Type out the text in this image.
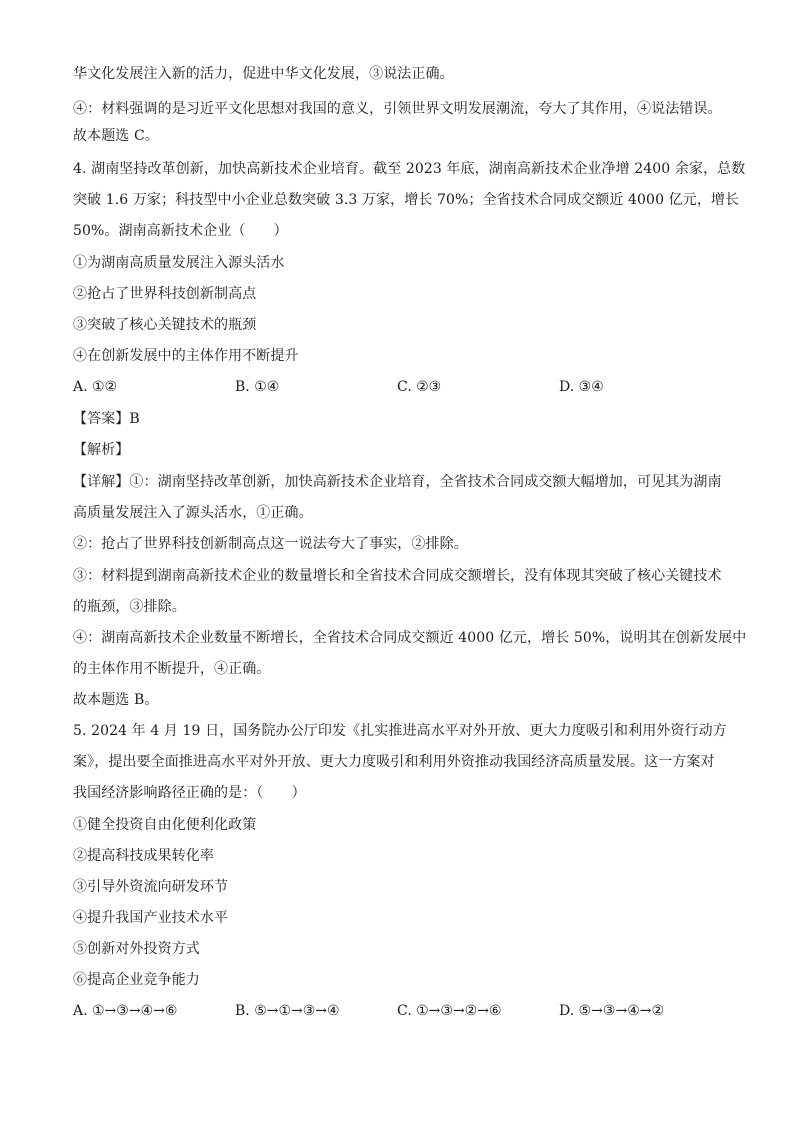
华文化发展注入新的活力，促进中华文化发展，③说法正确。
④：材料强调的是习近平文化思想对我国的意义，引领世界文明发展潮流，夸大了其作用，④说法错误。
故本题选 C。
4. 湖南坚持改革创新，加快高新技术企业培育。截至 2023 年底，湖南高新技术企业净增 2400 余家，总数
突破 1.6 万家；科技型中小企业总数突破 3.3 万家，增长 70%；全省技术合同成交额近 4000 亿元，增长
50%。湖南高新技术企业（　　）
①为湖南高质量发展注入源头活水
②抢占了世界科技创新制高点
③突破了核心关键技术的瓶颈
④在创新发展中的主体作用不断提升
A. ①②	B. ①④	C. ②③	D. ③④
【答案】B
【解析】
【详解】①：湖南坚持改革创新，加快高新技术企业培育，全省技术合同成交额大幅增加，可见其为湖南
高质量发展注入了源头活水，①正确。
②：抢占了世界科技创新制高点这一说法夸大了事实，②排除。
③：材料提到湖南高新技术企业的数量增长和全省技术合同成交额增长，没有体现其突破了核心关键技术
的瓶颈，③排除。
④：湖南高新技术企业数量不断增长，全省技术合同成交额近 4000 亿元，增长 50%，说明其在创新发展中
的主体作用不断提升，④正确。
故本题选 B。
5. 2024 年 4 月 19 日，国务院办公厅印发《扎实推进高水平对外开放、更大力度吸引和利用外资行动方
案》，提出要全面推进高水平对外开放、更大力度吸引和利用外资推动我国经济高质量发展。这一方案对
我国经济影响路径正确的是：（　　）
①健全投资自由化便利化政策
②提高科技成果转化率
③引导外资流向研发环节
④提升我国产业技术水平
⑤创新对外投资方式
⑥提高企业竞争能力
A. ①→③→④→⑥	B. ⑤→①→③→④	C. ①→③→②→⑥	D. ⑤→③→④→②
